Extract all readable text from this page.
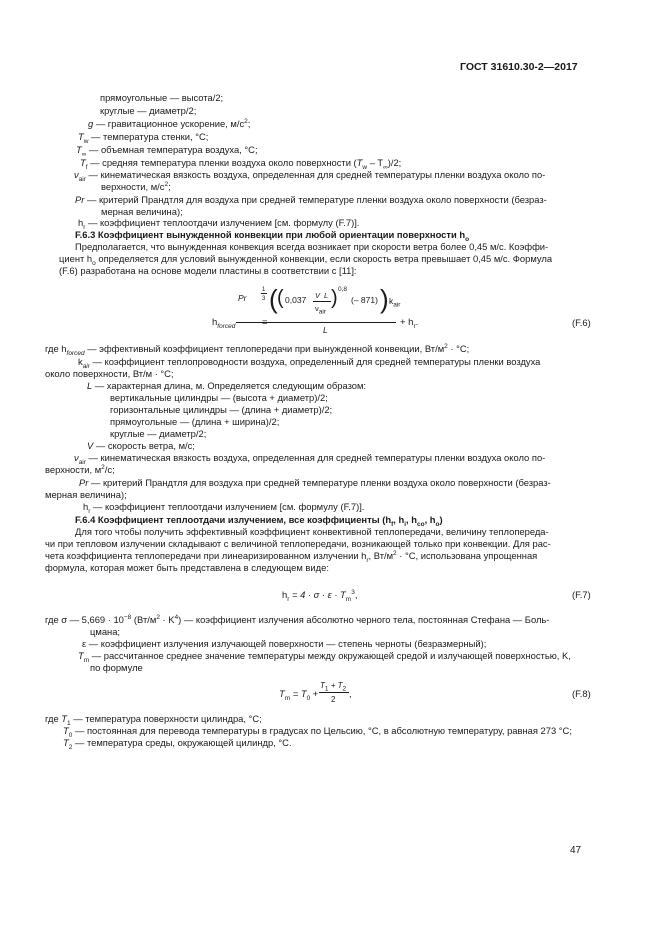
ГОСТ 31610.30-2—2017
прямоугольные — высота/2;
круглые — диаметр/2;
g — гравитационное ускорение, $м/с^2$;
$T_w$ — температура стенки, °C;
$T_\infty$ — объемная температура воздуха, °C;
$T_f$ — средняя температура пленки воздуха около поверхности $(T_w - T_\infty)/2$;
$\nu_{air}$ — кинематическая вязкость воздуха, определенная для средней температуры пленки воздуха около по-
верхности, $м/с^2$;
Pr — критерий Прандтля для воздуха при средней температуре пленки воздуха около поверхности (безраз-
мерная величина);
$h_r$ — коэффициент теплоотдачи излучением [см. формулу (F.7)].
F.6.3 Коэффициент вынужденной конвекции при любой ориентации поверхности $h_o$
Предполагается, что вынужденная конвекция всегда возникает при скорости ветра более 0,45 м/с. Коэффи-
циент $h_o$ определяется для условий вынужденной конвекции, если скорость ветра превышает 0,45 м/с. Формула
(F.6) разработана на основе модели пластины в соответствии с [11]:
Pr
1
3 ( ( 0,037 V L
$\nu_{air}$
) 0,8
(– 871) ) $k_{air}$
$h_{forced}$	=
L
+ $h_r$.	(F.6)
где $h_{forced}$ — эффективный коэффициент теплопередачи при вынужденной конвекции, $Вт/м^2 \cdot ^\circ C$;
$k_{air}$ — коэффициент теплопроводности воздуха, определенный для средней температуры пленки воздуха
около поверхности, Вт/м · °C;
L — характерная длина, м. Определяется следующим образом:
вертикальные цилиндры — (высота + диаметр)/2;
горизонтальные цилиндры — (длина + диаметр)/2;
прямоугольные — (длина + ширина)/2;
круглые — диаметр/2;
V — скорость ветра, м/с;
$\nu_{air}$ — кинематическая вязкость воздуха, определенная для средней температуры пленки воздуха около по-
верхности, $м^2/с$;
Pr — критерий Прандтля для воздуха при средней температуре пленки воздуха около поверхности (безраз-
мерная величина);
$h_r$ — коэффициент теплоотдачи излучением [см. формулу (F.7)].
F.6.4 Коэффициент теплоотдачи излучением, все коэффициенты ($h_f$, $h_i$, $h_{co}$, $h_o$)
Для того чтобы получить эффективный коэффициент конвективной теплопередачи, величину теплопереда-
чи при тепловом излучении складывают с величиной теплопередачи, возникающей только при конвекции. Для рас-
чета коэффициента теплопередачи при линеаризированном излучении $h_r$, $Вт/м^2 \cdot ^\circ C$, использована упрощенная
формула, которая может быть представлена в следующем виде:
$h_r = 4 \cdot \sigma \cdot \varepsilon \cdot T_m^3$,	(F.7)
где σ — $5,669 \cdot 10^{-8}$ $(Вт/м^2 \cdot K^4)$ — коэффициент излучения абсолютно черного тела, постоянная Стефана — Боль-
цмана;
ε — коэффициент излучения излучающей поверхности — степень черноты (безразмерный);
$T_m$ — рассчитанное среднее значение температуры между окружающей средой и излучающей поверхностью, K,
по формуле
$T_m = T_0$ +
$T_1 + T_2$
2
,	(F.8)
где $T_1$ — температура поверхности цилиндра, °C;
$T_0$ — постоянная для перевода температуры в градусах по Цельсию, °C, в абсолютную температуру, равная 273 °C;
$T_2$ — температура среды, окружающей цилиндр, °C.
47
